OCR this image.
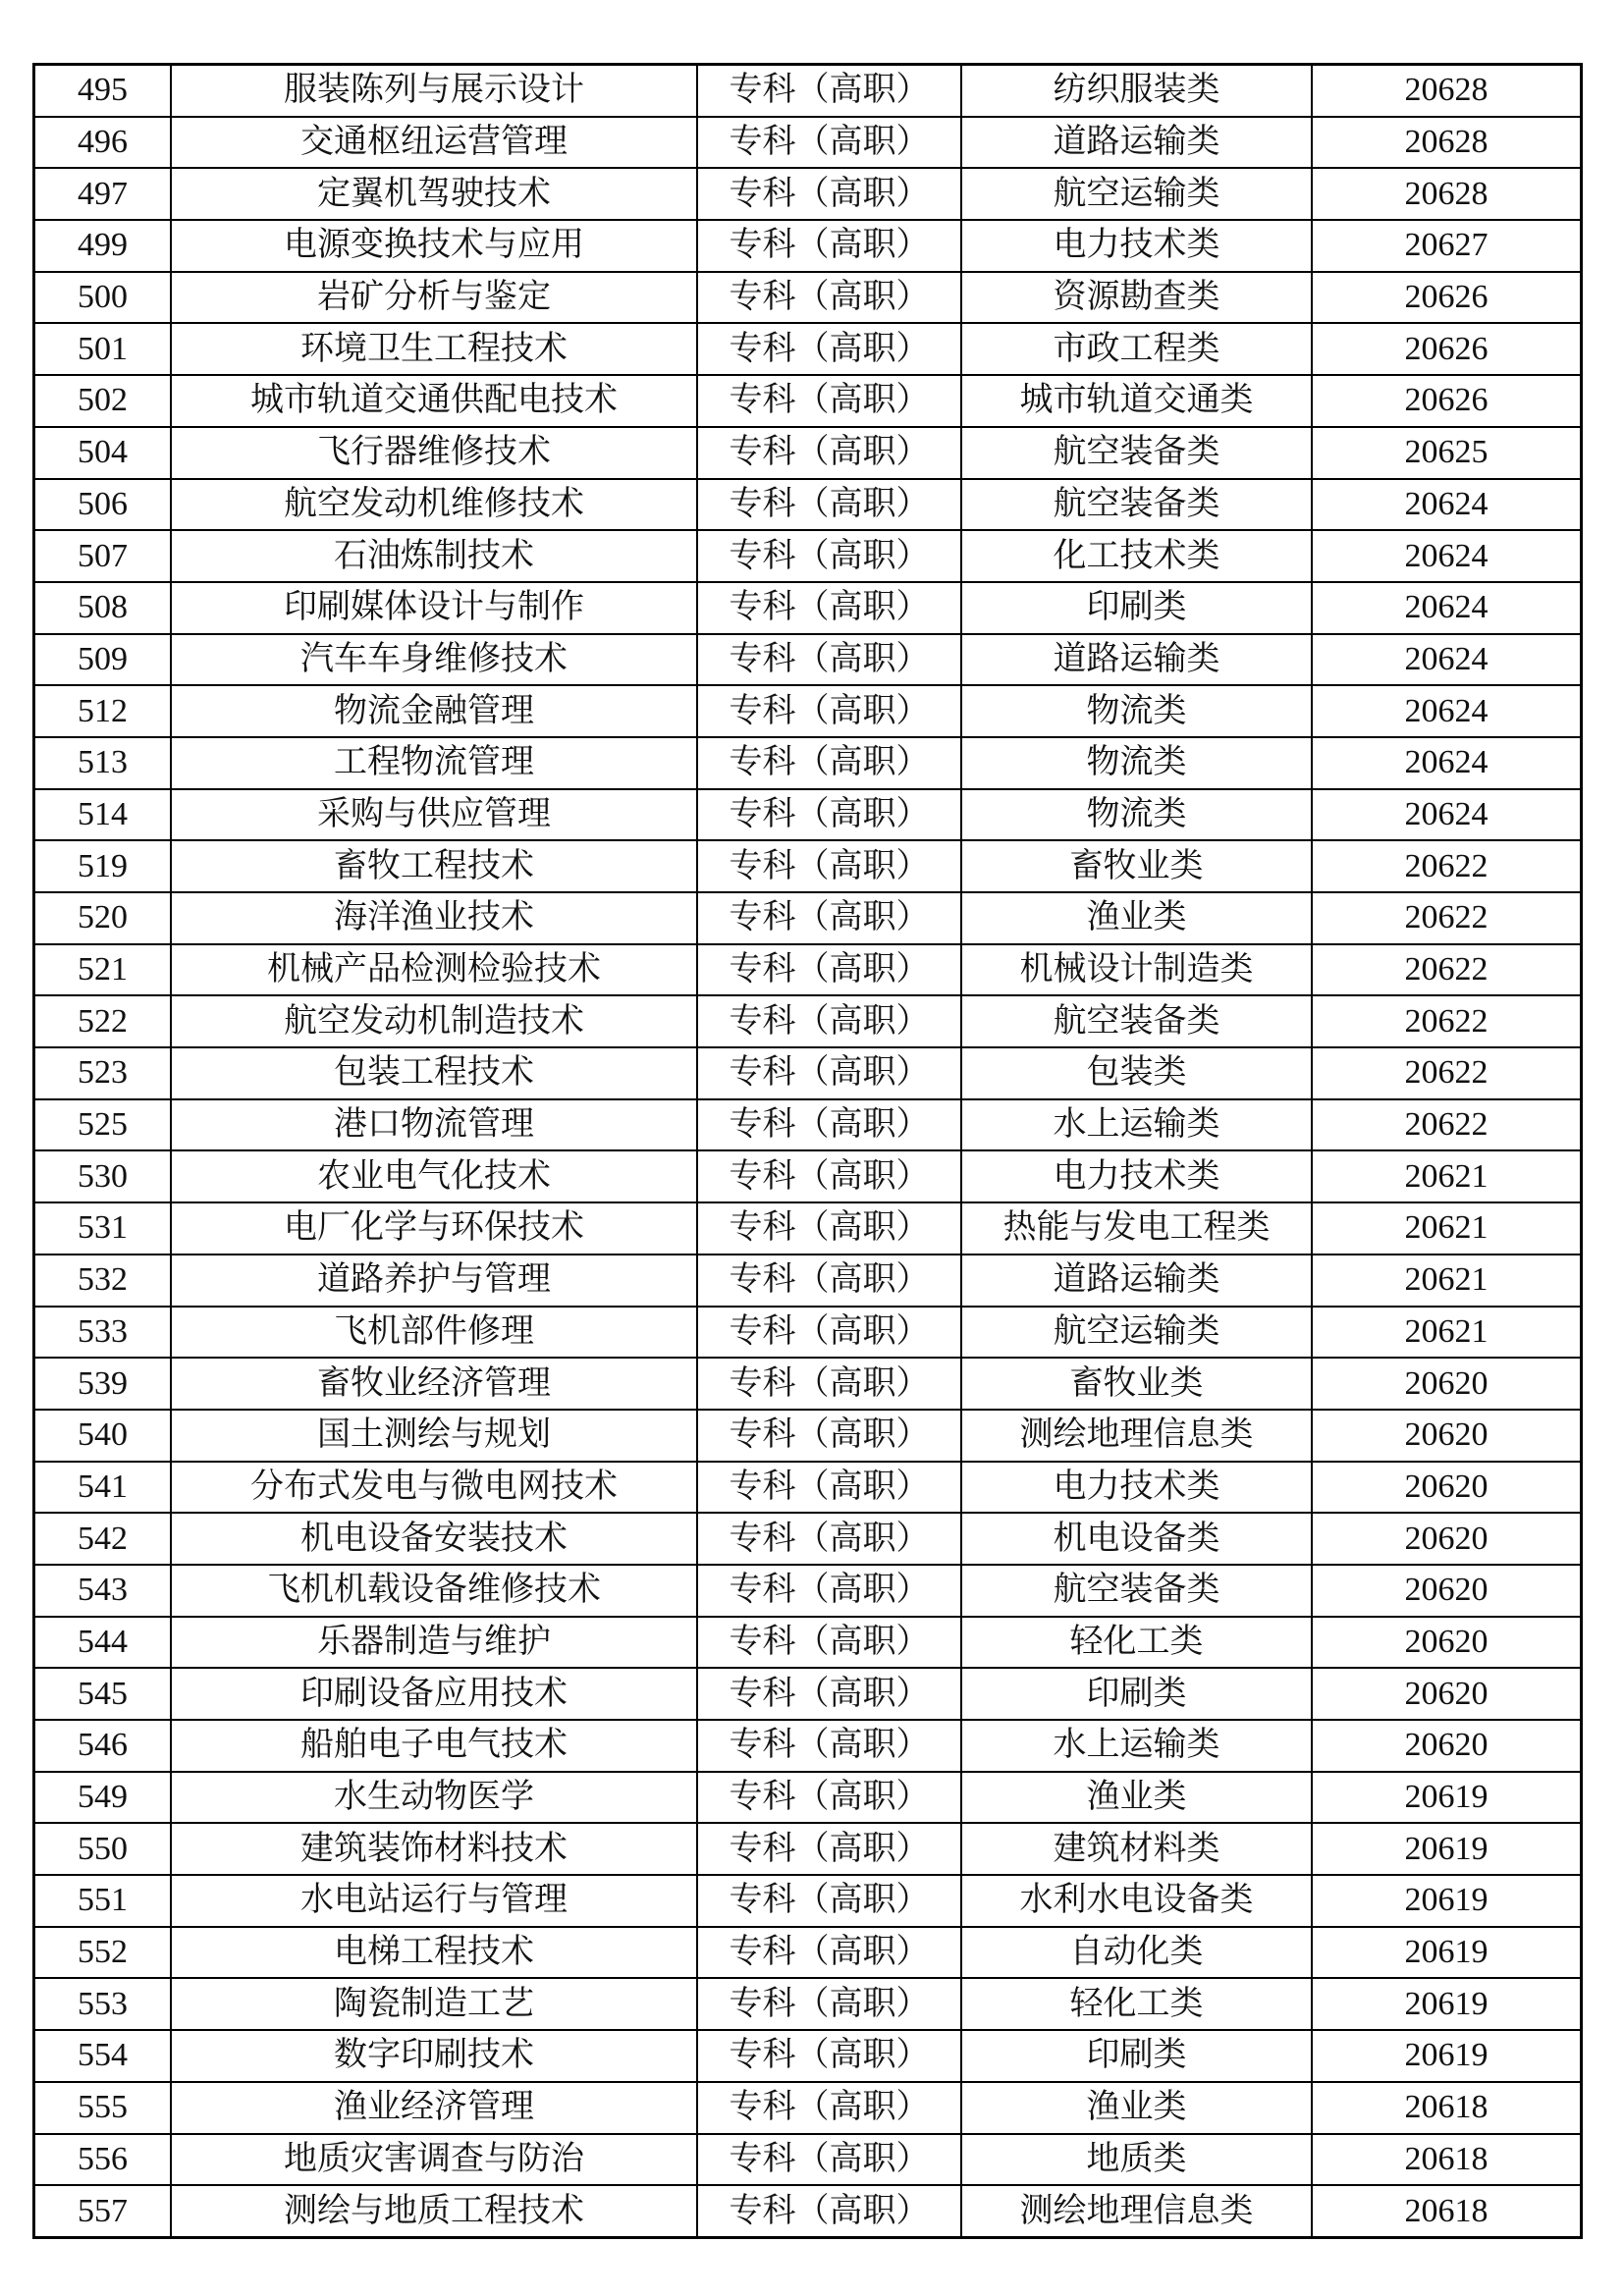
495	服装陈列与展示设计	专科（高职）	纺织服装类	20628
496	交通枢纽运营管理	专科（高职）	道路运输类	20628
497	定翼机驾驶技术	专科（高职）	航空运输类	20628
499	电源变换技术与应用	专科（高职）	电力技术类	20627
500	岩矿分析与鉴定	专科（高职）	资源勘查类	20626
501	环境卫生工程技术	专科（高职）	市政工程类	20626
502	城市轨道交通供配电技术	专科（高职）	城市轨道交通类	20626
504	飞行器维修技术	专科（高职）	航空装备类	20625
506	航空发动机维修技术	专科（高职）	航空装备类	20624
507	石油炼制技术	专科（高职）	化工技术类	20624
508	印刷媒体设计与制作	专科（高职）	印刷类	20624
509	汽车车身维修技术	专科（高职）	道路运输类	20624
512	物流金融管理	专科（高职）	物流类	20624
513	工程物流管理	专科（高职）	物流类	20624
514	采购与供应管理	专科（高职）	物流类	20624
519	畜牧工程技术	专科（高职）	畜牧业类	20622
520	海洋渔业技术	专科（高职）	渔业类	20622
521	机械产品检测检验技术	专科（高职）	机械设计制造类	20622
522	航空发动机制造技术	专科（高职）	航空装备类	20622
523	包装工程技术	专科（高职）	包装类	20622
525	港口物流管理	专科（高职）	水上运输类	20622
530	农业电气化技术	专科（高职）	电力技术类	20621
531	电厂化学与环保技术	专科（高职）	热能与发电工程类	20621
532	道路养护与管理	专科（高职）	道路运输类	20621
533	飞机部件修理	专科（高职）	航空运输类	20621
539	畜牧业经济管理	专科（高职）	畜牧业类	20620
540	国土测绘与规划	专科（高职）	测绘地理信息类	20620
541	分布式发电与微电网技术	专科（高职）	电力技术类	20620
542	机电设备安装技术	专科（高职）	机电设备类	20620
543	飞机机载设备维修技术	专科（高职）	航空装备类	20620
544	乐器制造与维护	专科（高职）	轻化工类	20620
545	印刷设备应用技术	专科（高职）	印刷类	20620
546	船舶电子电气技术	专科（高职）	水上运输类	20620
549	水生动物医学	专科（高职）	渔业类	20619
550	建筑装饰材料技术	专科（高职）	建筑材料类	20619
551	水电站运行与管理	专科（高职）	水利水电设备类	20619
552	电梯工程技术	专科（高职）	自动化类	20619
553	陶瓷制造工艺	专科（高职）	轻化工类	20619
554	数字印刷技术	专科（高职）	印刷类	20619
555	渔业经济管理	专科（高职）	渔业类	20618
556	地质灾害调查与防治	专科（高职）	地质类	20618
557	测绘与地质工程技术	专科（高职）	测绘地理信息类	20618
